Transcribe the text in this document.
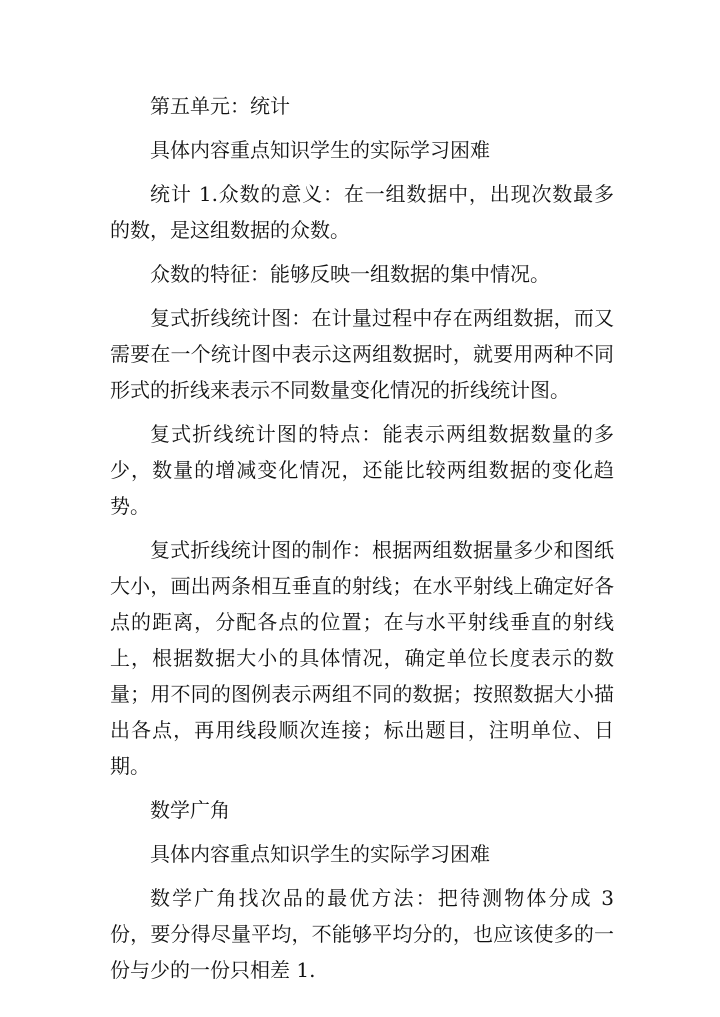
第五单元：统计

具体内容重点知识学生的实际学习困难

统计 1.众数的意义：在一组数据中，出现次数最多的数，是这组数据的众数。

众数的特征：能够反映一组数据的集中情况。

复式折线统计图：在计量过程中存在两组数据，而又需要在一个统计图中表示这两组数据时，就要用两种不同形式的折线来表示不同数量变化情况的折线统计图。

复式折线统计图的特点：能表示两组数据数量的多少，数量的增减变化情况，还能比较两组数据的变化趋势。

复式折线统计图的制作：根据两组数据量多少和图纸大小，画出两条相互垂直的射线；在水平射线上确定好各点的距离，分配各点的位置；在与水平射线垂直的射线上，根据数据大小的具体情况，确定单位长度表示的数量；用不同的图例表示两组不同的数据；按照数据大小描出各点，再用线段顺次连接；标出题目，注明单位、日期。

数学广角

具体内容重点知识学生的实际学习困难

数学广角找次品的最优方法：把待测物体分成 3 份，要分得尽量平均，不能够平均分的，也应该使多的一份与少的一份只相差 1.
